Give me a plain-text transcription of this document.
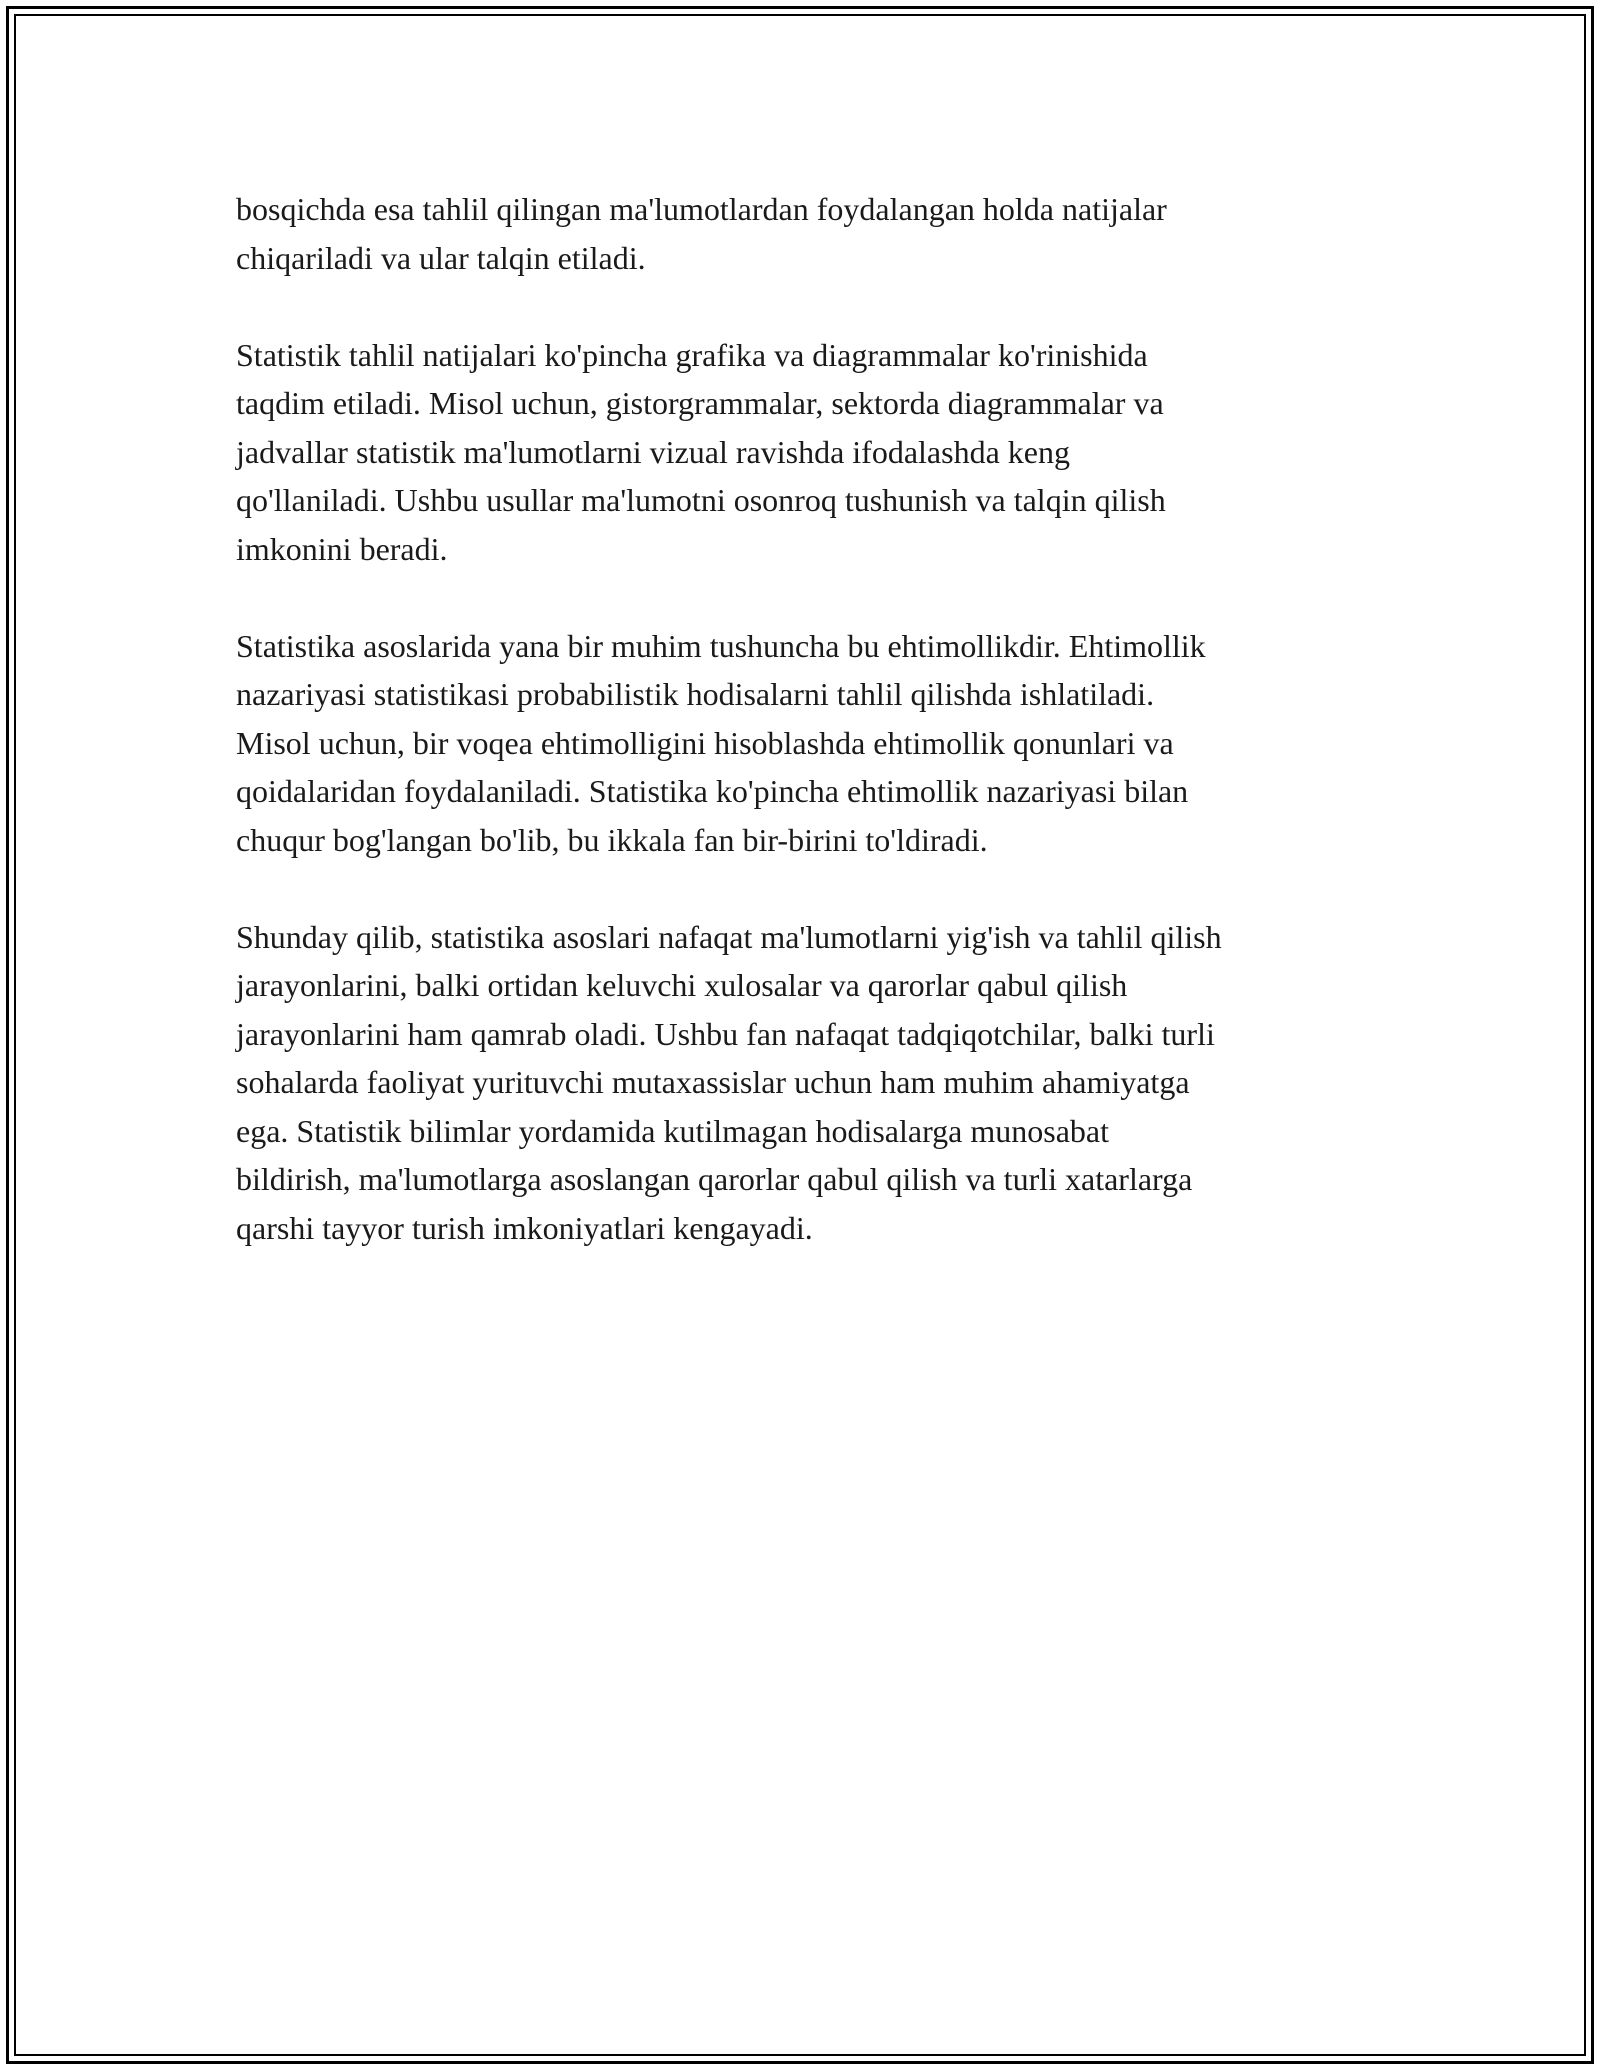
bosqichda esa tahlil qilingan ma'lumotlardan foydalangan holda natijalar
chiqariladi va ular talqin etiladi.

Statistik tahlil natijalari ko'pincha grafika va diagrammalar ko'rinishida
taqdim etiladi. Misol uchun, gistorgrammalar, sektorda diagrammalar va
jadvallar statistik ma'lumotlarni vizual ravishda ifodalashda keng
qo'llaniladi. Ushbu usullar ma'lumotni osonroq tushunish va talqin qilish
imkonini beradi.

Statistika asoslarida yana bir muhim tushuncha bu ehtimollikdir. Ehtimollik
nazariyasi statistikasi probabilistik hodisalarni tahlil qilishda ishlatiladi.
Misol uchun, bir voqea ehtimolligini hisoblashda ehtimollik qonunlari va
qoidalaridan foydalaniladi. Statistika ko'pincha ehtimollik nazariyasi bilan
chuqur bog'langan bo'lib, bu ikkala fan bir-birini to'ldiradi.

Shunday qilib, statistika asoslari nafaqat ma'lumotlarni yig'ish va tahlil qilish
jarayonlarini, balki ortidan keluvchi xulosalar va qarorlar qabul qilish
jarayonlarini ham qamrab oladi. Ushbu fan nafaqat tadqiqotchilar, balki turli
sohalarda faoliyat yurituvchi mutaxassislar uchun ham muhim ahamiyatga
ega. Statistik bilimlar yordamida kutilmagan hodisalarga munosabat
bildirish, ma'lumotlarga asoslangan qarorlar qabul qilish va turli xatarlarga
qarshi tayyor turish imkoniyatlari kengayadi.
